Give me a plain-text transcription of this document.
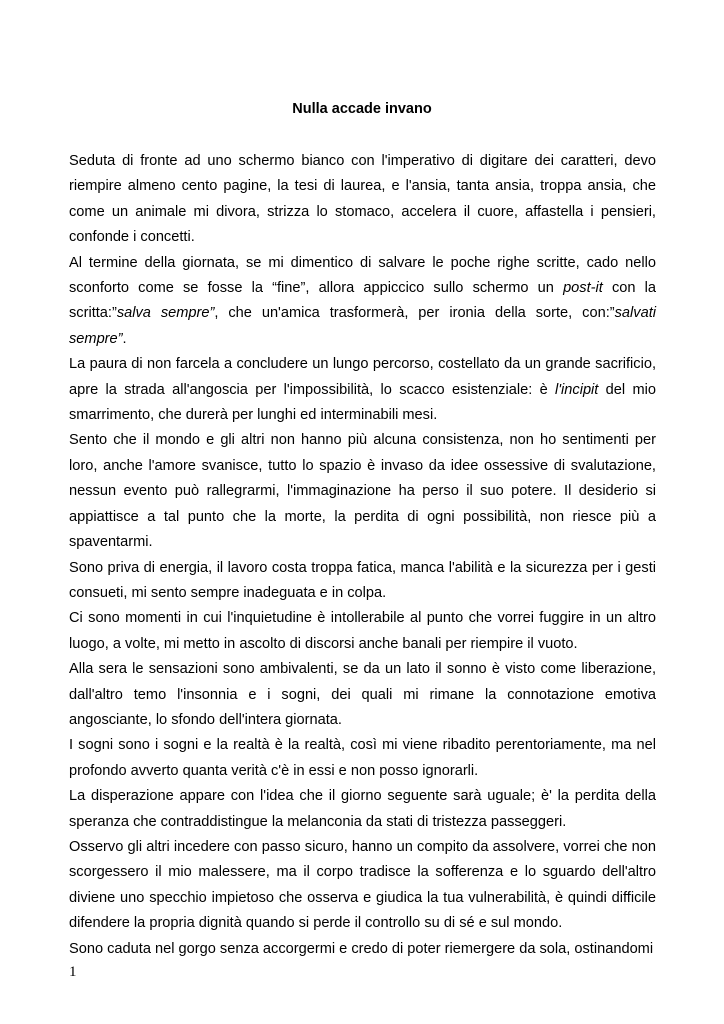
Nulla accade invano

Seduta di fronte ad uno schermo bianco con l'imperativo di digitare dei caratteri, devo riempire almeno cento pagine, la tesi di laurea, e l'ansia, tanta ansia, troppa ansia, che come un animale mi divora, strizza lo stomaco, accelera il cuore, affastella i pensieri, confonde i concetti.

Al termine della giornata, se mi dimentico di salvare le poche righe scritte, cado nello sconforto come se fosse la “fine”, allora appiccico sullo schermo un post-it con la scritta:”salva sempre”, che un'amica trasformerà, per ironia della sorte, con:”salvati sempre”.

La paura di non farcela a concludere un lungo percorso, costellato da un grande sacrificio, apre la strada all'angoscia per l'impossibilità, lo scacco esistenziale: è l'incipit del mio smarrimento, che durerà per lunghi ed interminabili mesi.

Sento che il mondo e gli altri non hanno più alcuna consistenza, non ho sentimenti per loro, anche l'amore svanisce, tutto lo spazio è invaso da idee ossessive di svalutazione, nessun evento può rallegrarmi, l'immaginazione ha perso il suo potere. Il desiderio si appiattisce a tal punto che la morte, la perdita di ogni possibilità, non riesce più a spaventarmi.

Sono priva di energia, il lavoro costa troppa fatica, manca l'abilità e la sicurezza per i gesti consueti, mi sento sempre inadeguata e in colpa.

Ci sono momenti in cui l'inquietudine è intollerabile al punto che vorrei fuggire in un altro luogo, a volte, mi metto in ascolto di discorsi anche banali per riempire il vuoto.

Alla sera le sensazioni sono ambivalenti, se da un lato il sonno è visto come liberazione, dall'altro temo l'insonnia e i sogni, dei quali mi rimane la connotazione emotiva angosciante, lo sfondo dell'intera giornata.

I sogni sono i sogni e la realtà è la realtà, così mi viene ribadito perentoriamente, ma nel profondo avverto quanta verità c'è in essi e non posso ignorarli.

La disperazione appare con l'idea che il giorno seguente sarà uguale; è' la perdita della speranza che contraddistingue la melanconia da stati di tristezza passeggeri.

Osservo gli altri incedere con passo sicuro, hanno un compito da assolvere, vorrei che non scorgessero il mio malessere, ma il corpo tradisce la sofferenza e lo sguardo dell'altro diviene uno specchio impietoso che osserva e giudica la tua vulnerabilità, è quindi difficile difendere la propria dignità quando si perde il controllo su di sé e sul mondo.

Sono caduta nel gorgo senza accorgermi e credo di poter riemergere da sola, ostinandomi

1
